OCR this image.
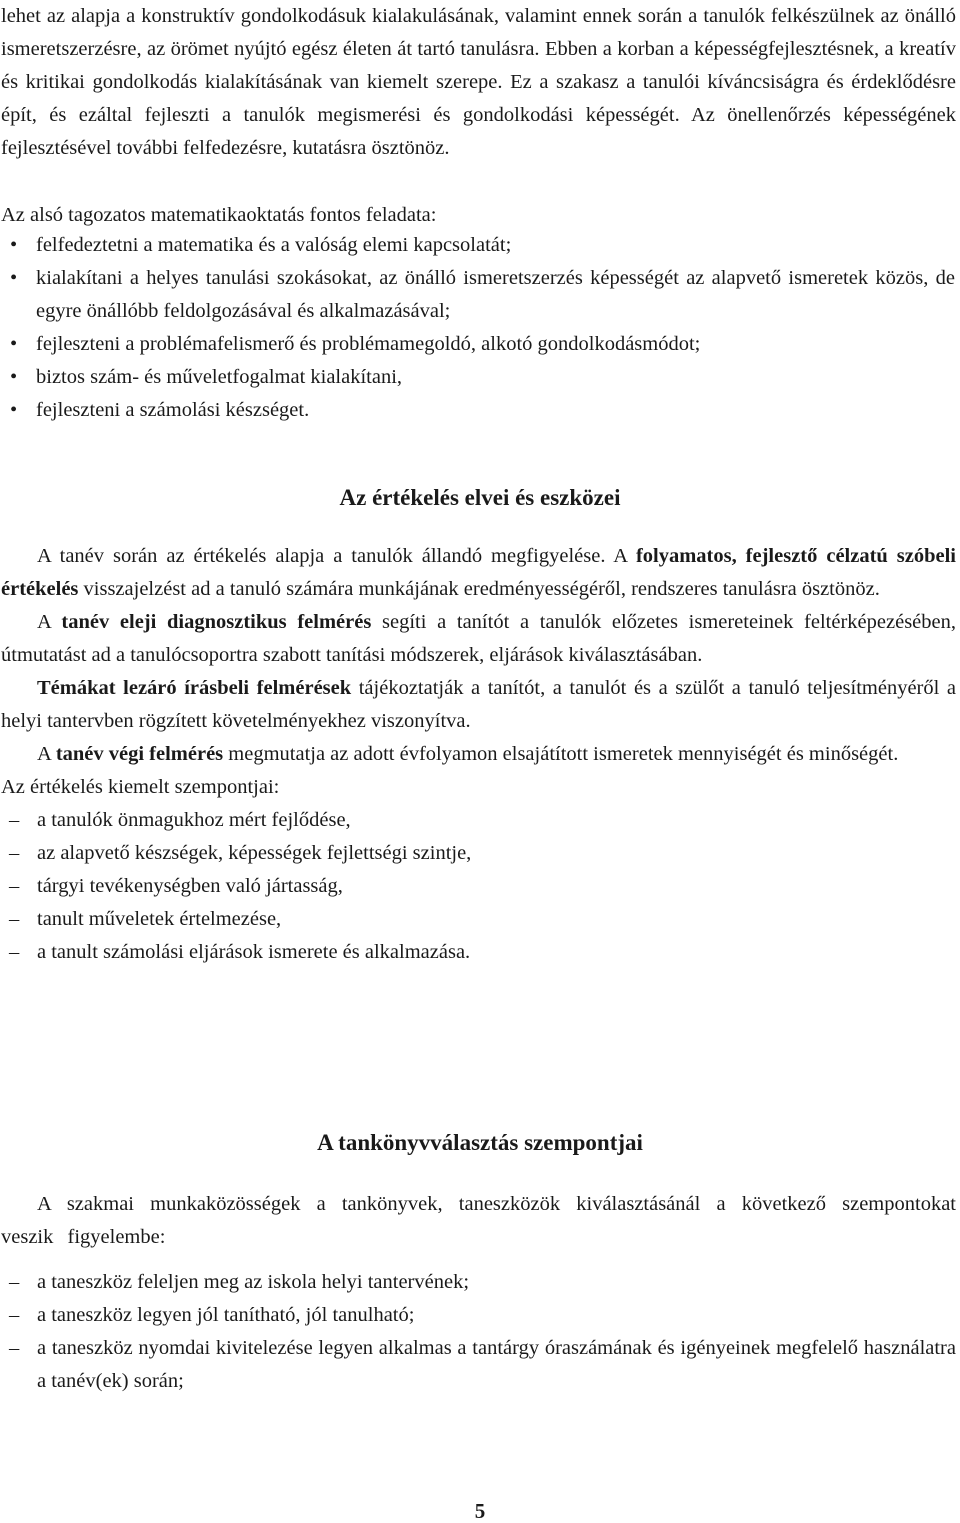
lehet az alapja a konstruktív gondolkodásuk kialakulásának, valamint ennek során a tanulók felkészülnek az önálló ismeretszerzésre, az örömet nyújtó egész életen át tartó tanulásra. Ebben a korban a képességfejlesztésnek, a kreatív és kritikai gondolkodás kialakításának van kiemelt szerepe. Ez a szakasz a tanulói kíváncsiságra és érdeklődésre épít, és ezáltal fejleszti a tanulók megismerési és gondolkodási képességét. Az önellenőrzés képességének fejlesztésével további felfedezésre, kutatásra ösztönöz.
Az alsó tagozatos matematikaoktatás fontos feladata:
• felfedeztetni a matematika és a valóság elemi kapcsolatát;
• kialakítani a helyes tanulási szokásokat, az önálló ismeretszerzés képességét az alapvető ismeretek közös, de egyre önállóbb feldolgozásával és alkalmazásával;
• fejleszteni a problémafelismerő és problémamegoldó, alkotó gondolkodásmódot;
• biztos szám- és műveletfogalmat kialakítani,
• fejleszteni a számolási készséget.
Az értékelés elvei és eszközei

A tanév során az értékelés alapja a tanulók állandó megfigyelése. A folyamatos, fejlesztő célzatú szóbeli értékelés visszajelzést ad a tanuló számára munkájának eredményességéről, rendszeres tanulásra ösztönöz.

A tanév eleji diagnosztikus felmérés segíti a tanítót a tanulók előzetes ismereteinek feltérképezésében, útmutatást ad a tanulócsoportra szabott tanítási módszerek, eljárások kiválasztásában.

Témákat lezáró írásbeli felmérések tájékoztatják a tanítót, a tanulót és a szülőt a tanuló teljesítményéről a helyi tantervben rögzített követelményekhez viszonyítva.

A tanév végi felmérés megmutatja az adott évfolyamon elsajátított ismeretek mennyiségét és minőségét.

Az értékelés kiemelt szempontjai:

– a tanulók önmagukhoz mért fejlődése,
– az alapvető készségek, képességek fejlettségi szintje,
– tárgyi tevékenységben való jártasság,
– tanult műveletek értelmezése,
– a tanult számolási eljárások ismerete és alkalmazása.
A tankönyvválasztás szempontjai

A szakmai munkaközösségek a tankönyvek, taneszközök kiválasztásánál a következő szempontokat veszik figyelembe:

– a taneszköz feleljen meg az iskola helyi tantervének;
– a taneszköz legyen jól tanítható, jól tanulható;
– a taneszköz nyomdai kivitelezése legyen alkalmas a tantárgy óraszámának és igényeinek megfelelő használatra a tanév(ek) során;
5
